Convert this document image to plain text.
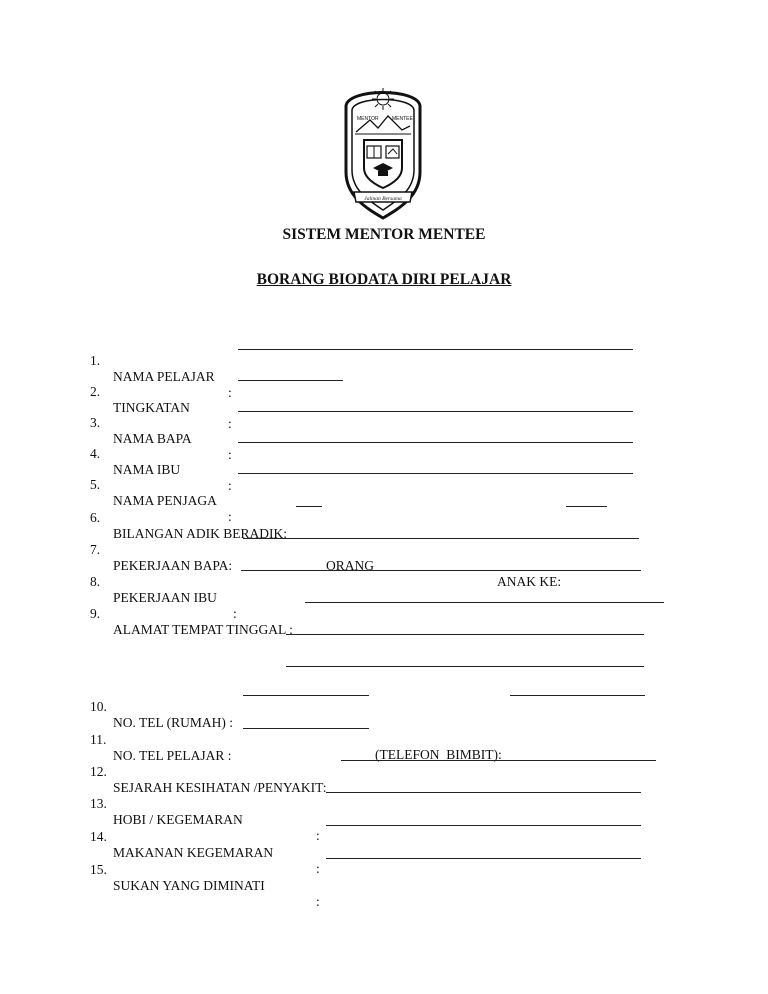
MENTOR	MENTEE
Jalinan Bersama
SISTEM MENTOR MENTEE
BORANG BIODATA DIRI PELAJAR

1.

NAMA PELAJAR

:

2.

TINGKATAN

:

3.

NAMA BAPA

:

4.

NAMA IBU

:

5.

NAMA PENJAGA

:

6.

BILANGAN ADIK BERADIK:

ORANG

ANAK KE:

7.

PEKERJAAN BAPA:

8.

PEKERJAAN IBU

:

9.

ALAMAT TEMPAT TINGGAL :

10.

NO. TEL (RUMAH) :

(TELEFON  BIMBIT):

11.

NO. TEL PELAJAR :

12.

SEJARAH KESIHATAN /PENYAKIT:

13.

HOBI / KEGEMARAN

:

14.

MAKANAN KEGEMARAN

:

15.

SUKAN YANG DIMINATI

:
